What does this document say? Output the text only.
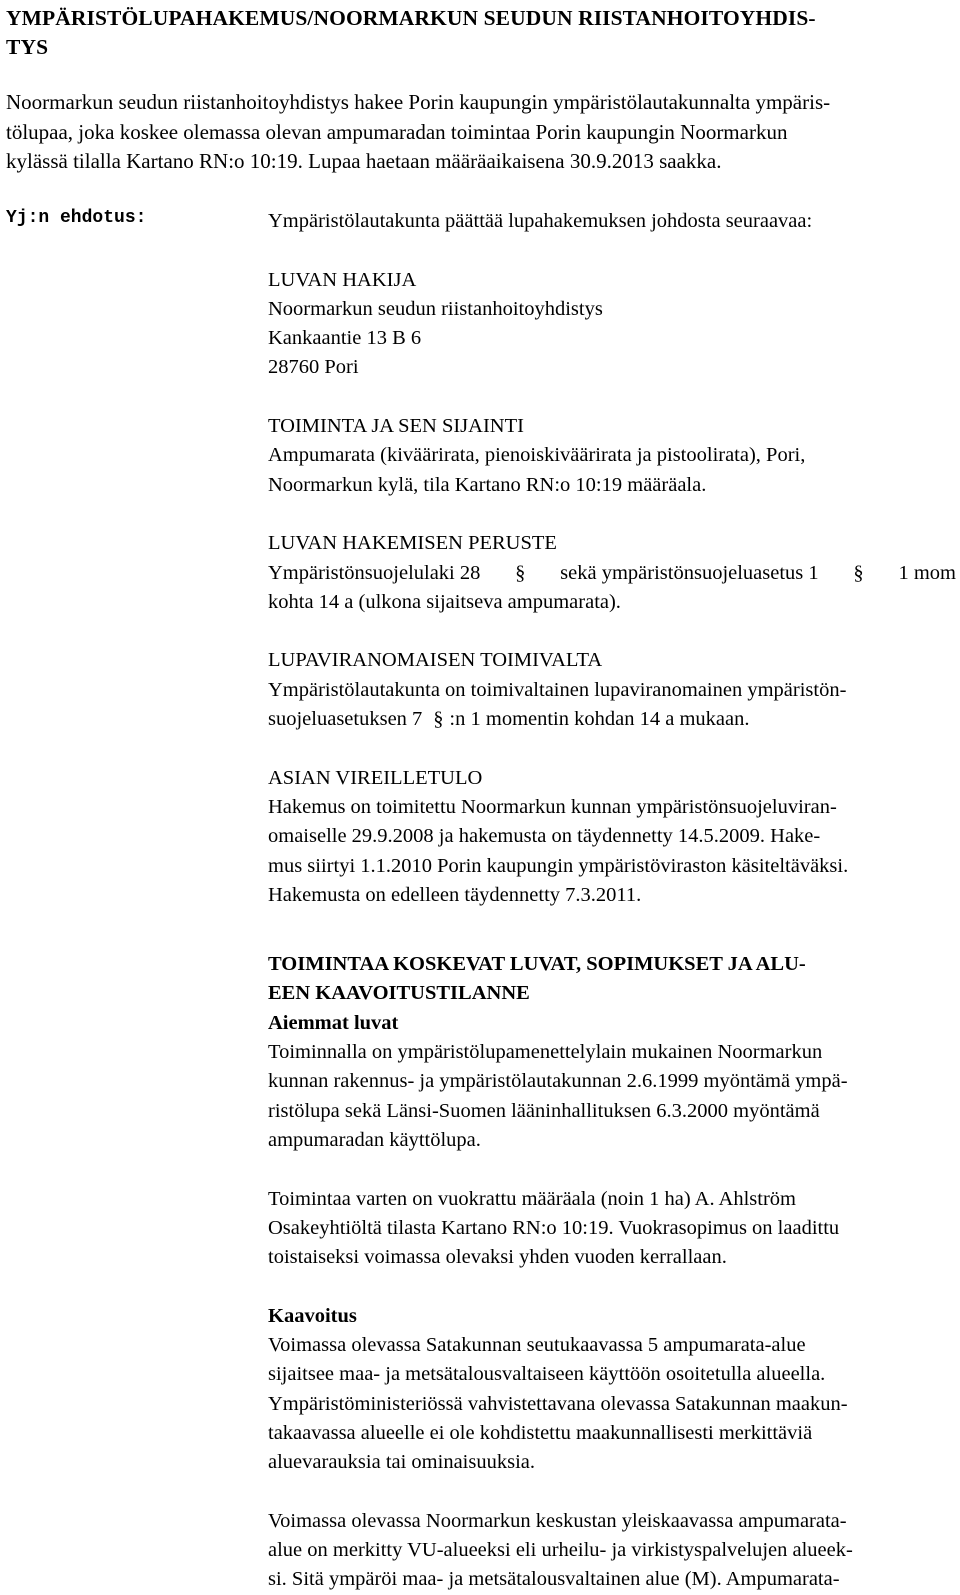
YMPÄRISTÖLUPAHAKEMUS/NOORMARKUN SEUDUN RIISTANHOITOYHDIS-
TYS
Noormarkun seudun riistanhoitoyhdistys hakee Porin kaupungin ympäristölautakunnalta ympäris-
tölupaa, joka koskee olemassa olevan ampumaradan toimintaa Porin kaupungin Noormarkun
kylässä tilalla Kartano RN:o 10:19. Lupaa haetaan määräaikaisena 30.9.2013 saakka.
Yj:n ehdotus:	Ympäristölautakunta päättää lupahakemuksen johdosta seuraavaa:

LUVAN HAKIJA

Noormarkun seudun riistanhoitoyhdistys

Kankaantie 13 B 6

28760 Pori

TOIMINTA JA SEN SIJAINTI

Ampumarata (kiväärirata, pienoiskiväärirata ja pistoolirata), Pori,

Noormarkun kylä, tila Kartano RN:o 10:19 määräala.

LUVAN HAKEMISEN PERUSTE

Ympäristönsuojelulaki 28 § sekä ympäristönsuojeluasetus 1 § 1 mom

kohta 14 a (ulkona sijaitseva ampumarata).

LUPAVIRANOMAISEN TOIMIVALTA

Ympäristölautakunta on toimivaltainen lupaviranomainen ympäristön-

suojeluasetuksen 7 § :n 1 momentin kohdan 14 a mukaan.

ASIAN VIREILLETULO

Hakemus on toimitettu Noormarkun kunnan ympäristönsuojeluviran-

omaiselle 29.9.2008 ja hakemusta on täydennetty 14.5.2009. Hake-

mus siirtyi 1.1.2010 Porin kaupungin ympäristöviraston käsiteltäväksi.

Hakemusta on edelleen täydennetty 7.3.2011.

TOIMINTAA KOSKEVAT LUVAT, SOPIMUKSET JA ALU-

EEN KAAVOITUSTILANNE

Aiemmat luvat

Toiminnalla on ympäristölupamenettelylain mukainen Noormarkun

kunnan rakennus- ja ympäristölautakunnan 2.6.1999 myöntämä ympä-

ristölupa sekä Länsi-Suomen lääninhallituksen 6.3.2000 myöntämä

ampumaradan käyttölupa.

Toimintaa varten on vuokrattu määräala (noin 1 ha) A. Ahlström

Osakeyhtiöltä tilasta Kartano RN:o 10:19. Vuokrasopimus on laadittu

toistaiseksi voimassa olevaksi yhden vuoden kerrallaan.

Kaavoitus

Voimassa olevassa Satakunnan seutukaavassa 5 ampumarata-alue

sijaitsee maa- ja metsätalousvaltaiseen käyttöön osoitetulla alueella.

Ympäristöministeriössä vahvistettavana olevassa Satakunnan maakun-

takaavassa alueelle ei ole kohdistettu maakunnallisesti merkittäviä

aluevarauksia tai ominaisuuksia.

Voimassa olevassa Noormarkun keskustan yleiskaavassa ampumarata-

alue on merkitty VU-alueeksi eli urheilu- ja virkistyspalvelujen alueek-

si. Sitä ympäröi maa- ja metsätalousvaltainen alue (M). Ampumarata-
